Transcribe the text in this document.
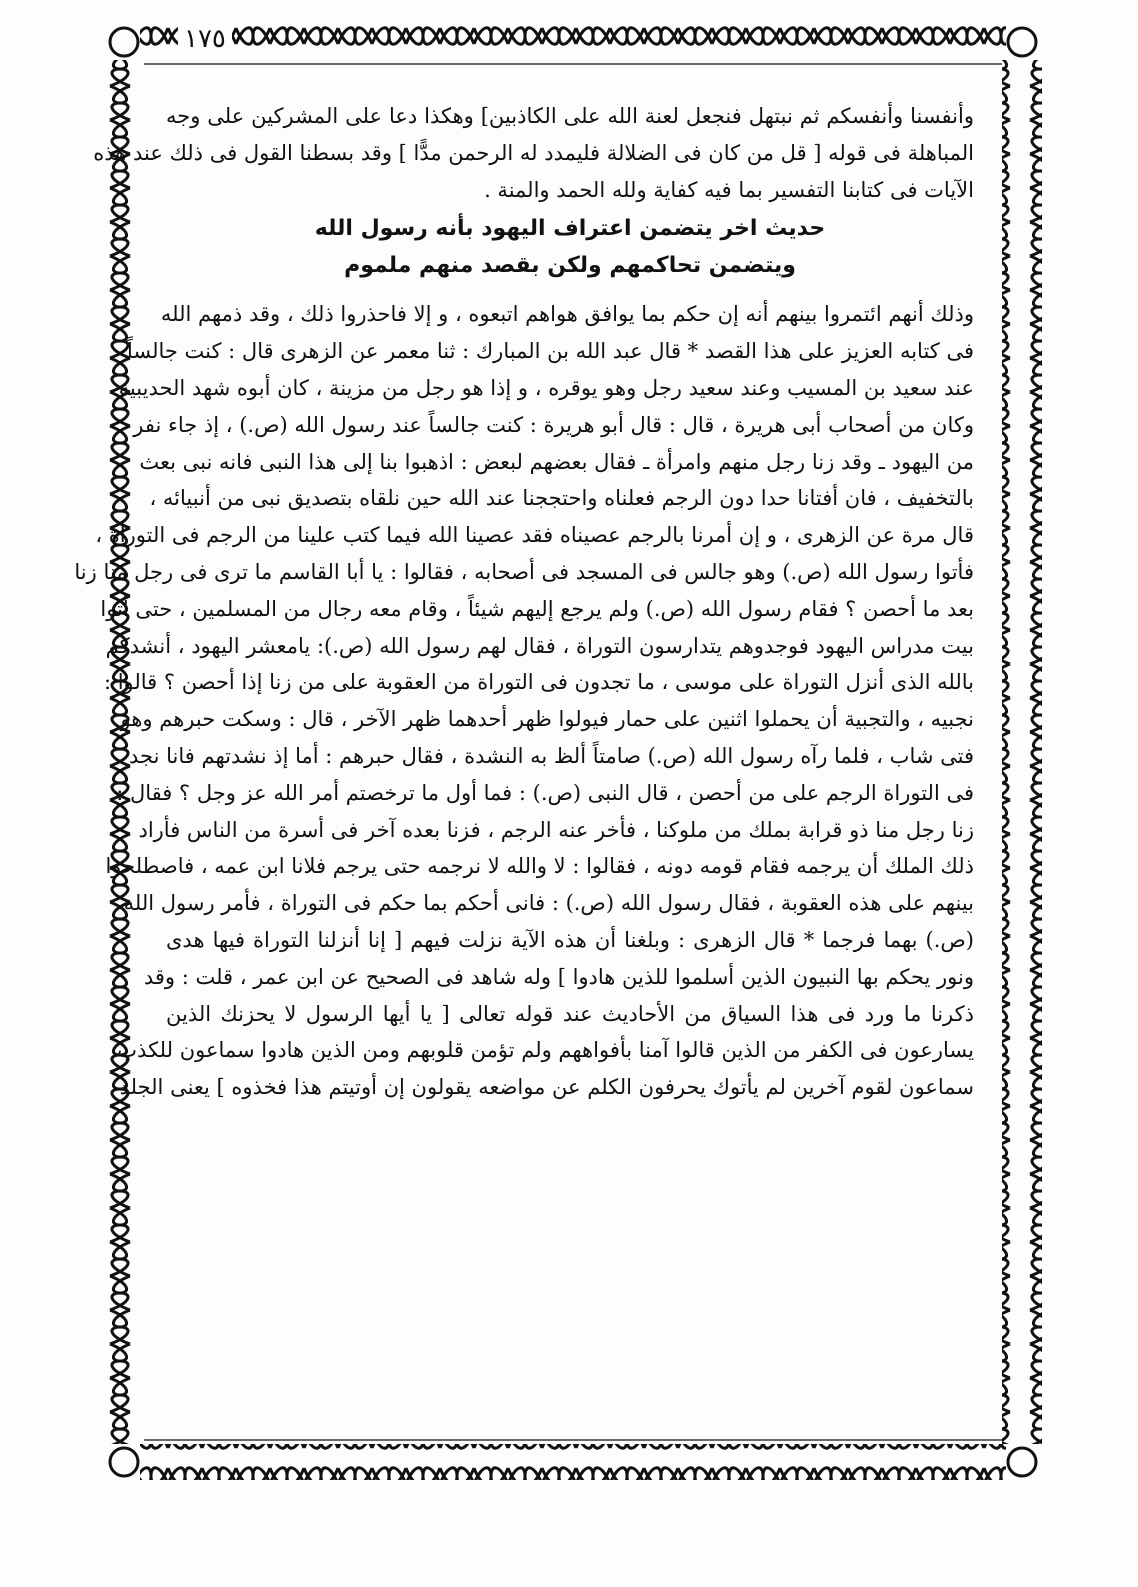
١٧٥
وأنفسنا وأنفسكم ثم نبتهل فنجعل لعنة الله على الكاذبين] وهكذا دعا على المشركين على وجه
المباهلة فى قوله [ قل من كان فى الضلالة فليمدد له الرحمن مدًّا ] وقد بسطنا القول فى ذلك عند هذه
الآيات فى كتابنا التفسير بما فيه كفاية ولله الحمد والمنة .
حديث اخر يتضمن اعتراف اليهود بأنه رسول الله
ويتضمن تحاكمهم ولكن بقصد منهم ملموم
وذلك أنهم ائتمروا بينهم أنه إن حكم بما يوافق هواهم اتبعوه ، و إلا فاحذروا ذلك ، وقد ذمهم الله
فى كتابه العزيز على هذا القصد * قال عبد الله بن المبارك : ثنا معمر عن الزهرى قال : كنت جالساً
عند سعيد بن المسيب وعند سعيد رجل وهو يوقره ، و إذا هو رجل من مزينة ، كان أبوه شهد الحديبية
وكان من أصحاب أبى هريرة ، قال : قال أبو هريرة : كنت جالساً عند رسول الله (ص.) ، إذ جاء نفر
من اليهود ـ وقد زنا رجل منهم وامرأة ـ فقال بعضهم لبعض : اذهبوا بنا إلى هذا النبى فانه نبى بعث
بالتخفيف ، فان أفتانا حدا دون الرجم فعلناه واحتججنا عند الله حين نلقاه بتصديق نبى من أنبيائه ،
قال مرة عن الزهرى ، و إن أمرنا بالرجم عصيناه فقد عصينا الله فيما كتب علينا من الرجم فى التوراة ،
فأتوا رسول الله (ص.) وهو جالس فى المسجد فى أصحابه ، فقالوا : يا أبا القاسم ما ترى فى رجل منا زنا
بعد ما أحصن ؟ فقام رسول الله (ص.) ولم يرجع إليهم شيئاً ، وقام معه رجال من المسلمين ، حتى أتوا
بيت مدراس اليهود فوجدوهم يتدارسون التوراة ، فقال لهم رسول الله (ص.): يامعشر اليهود ، أنشدكم
بالله الذى أنزل التوراة على موسى ، ما تجدون فى التوراة من العقوبة على من زنا إذا أحصن ؟ قالوا :
نجبيه ، والتجبية أن يحملوا اثنين على حمار فيولوا ظهر أحدهما ظهر الآخر ، قال : وسكت حبرهم وهو
فتى شاب ، فلما رآه رسول الله (ص.) صامتاً ألظ به النشدة ، فقال حبرهم : أما إذ نشدتهم فانا نجد
فى التوراة الرجم على من أحصن ، قال النبى (ص.) : فما أول ما ترخصتم أمر الله عز وجل ؟ فقال :
زنا رجل منا ذو قرابة بملك من ملوكنا ، فأخر عنه الرجم ، فزنا بعده آخر فى أسرة من الناس فأراد
ذلك الملك أن يرجمه فقام قومه دونه ، فقالوا : لا والله لا نرجمه حتى يرجم فلانا ابن عمه ، فاصطلحوا
بينهم على هذه العقوبة ، فقال رسول الله (ص.) : فانى أحكم بما حكم فى التوراة ، فأمر رسول الله
(ص.) بهما فرجما * قال الزهرى : وبلغنا أن هذه الآية نزلت فيهم [ إنا أنزلنا التوراة فيها هدى
ونور يحكم بها النبيون الذين أسلموا للذين هادوا ] وله شاهد فى الصحيح عن ابن عمر ، قلت : وقد
ذكرنا ما ورد فى هذا السياق من الأحاديث عند قوله تعالى [ يا أيها الرسول لا يحزنك الذين
يسارعون فى الكفر من الذين قالوا آمنا بأفواههم ولم تؤمن قلوبهم ومن الذين هادوا سماعون للكذب
سماعون لقوم آخرين لم يأتوك يحرفون الكلم عن مواضعه يقولون إن أوتيتم هذا فخذوه ] يعنى الجلد
